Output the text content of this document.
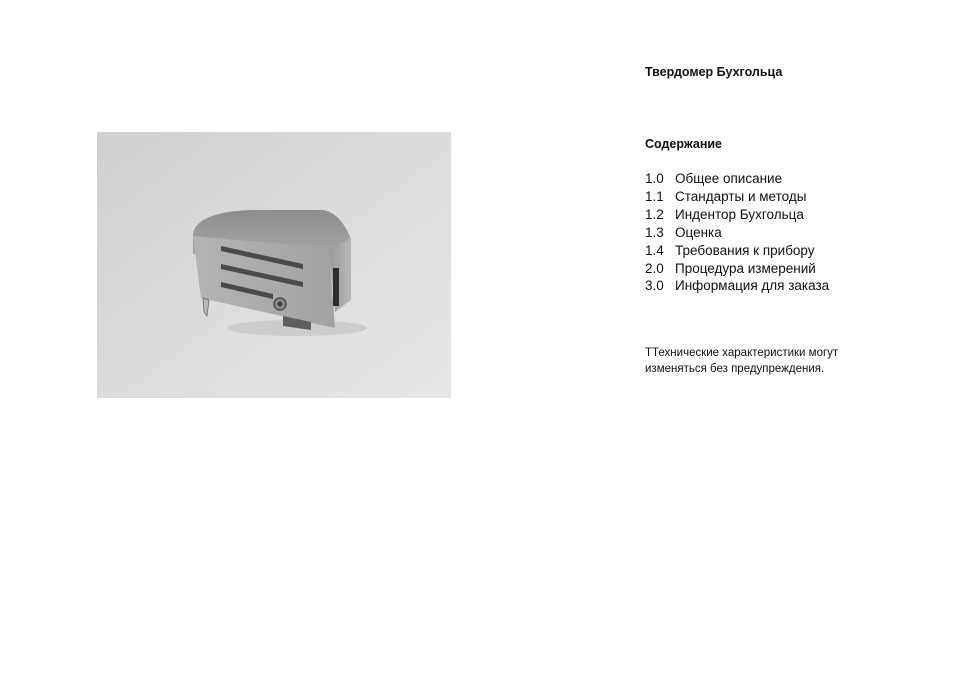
Твердомер Бухгольца
Содержание
1.0 Общее описание
1.1 Стандарты и методы
1.2 Индентор Бухгольца
1.3 Оценка
1.4 Требования к прибору
2.0 Процедура измерений
3.0 Информация для заказа

TТехнические характеристики могут изменяться без предупреждения.
